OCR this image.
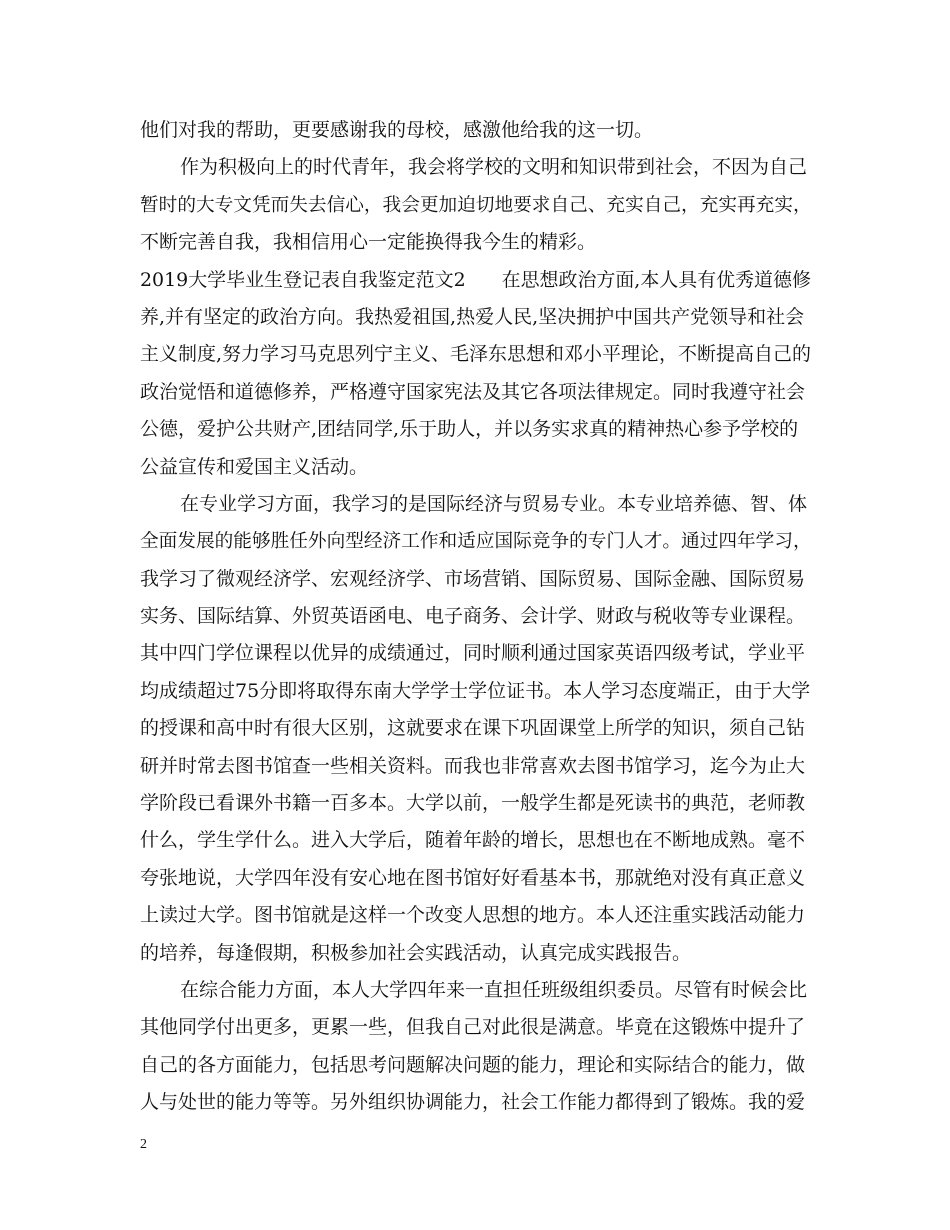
他们对我的帮助，更要感谢我的母校，感激他给我的这一切。
作为积极向上的时代青年，我会将学校的文明和知识带到社会，不因为自己
暂时的大专文凭而失去信心，我会更加迫切地要求自己、充实自己，充实再充实，
不断完善自我，我相信用心一定能换得我今生的精彩。
2019大学毕业生登记表自我鉴定范文2 在思想政治方面,本人具有优秀道德修
养,并有坚定的政治方向。我热爱祖国,热爱人民,坚决拥护中国共产党领导和社会
主义制度,努力学习马克思列宁主义、毛泽东思想和邓小平理论，不断提高自己的
政治觉悟和道德修养，严格遵守国家宪法及其它各项法律规定。同时我遵守社会
公德，爱护公共财产,团结同学,乐于助人，并以务实求真的精神热心参予学校的
公益宣传和爱国主义活动。
在专业学习方面，我学习的是国际经济与贸易专业。本专业培养德、智、体
全面发展的能够胜任外向型经济工作和适应国际竞争的专门人才。通过四年学习，
我学习了微观经济学、宏观经济学、市场营销、国际贸易、国际金融、国际贸易
实务、国际结算、外贸英语函电、电子商务、会计学、财政与税收等专业课程。
其中四门学位课程以优异的成绩通过，同时顺利通过国家英语四级考试，学业平
均成绩超过75分即将取得东南大学学士学位证书。本人学习态度端正，由于大学
的授课和高中时有很大区别，这就要求在课下巩固课堂上所学的知识，须自己钻
研并时常去图书馆查一些相关资料。而我也非常喜欢去图书馆学习，迄今为止大
学阶段已看课外书籍一百多本。大学以前，一般学生都是死读书的典范，老师教
什么，学生学什么。进入大学后，随着年龄的增长，思想也在不断地成熟。毫不
夸张地说，大学四年没有安心地在图书馆好好看基本书，那就绝对没有真正意义
上读过大学。图书馆就是这样一个改变人思想的地方。本人还注重实践活动能力
的培养，每逢假期，积极参加社会实践活动，认真完成实践报告。
在综合能力方面，本人大学四年来一直担任班级组织委员。尽管有时候会比
其他同学付出更多，更累一些，但我自己对此很是满意。毕竟在这锻炼中提升了
自己的各方面能力，包括思考问题解决问题的能力，理论和实际结合的能力，做
人与处世的能力等等。另外组织协调能力，社会工作能力都得到了锻炼。我的爱
2
